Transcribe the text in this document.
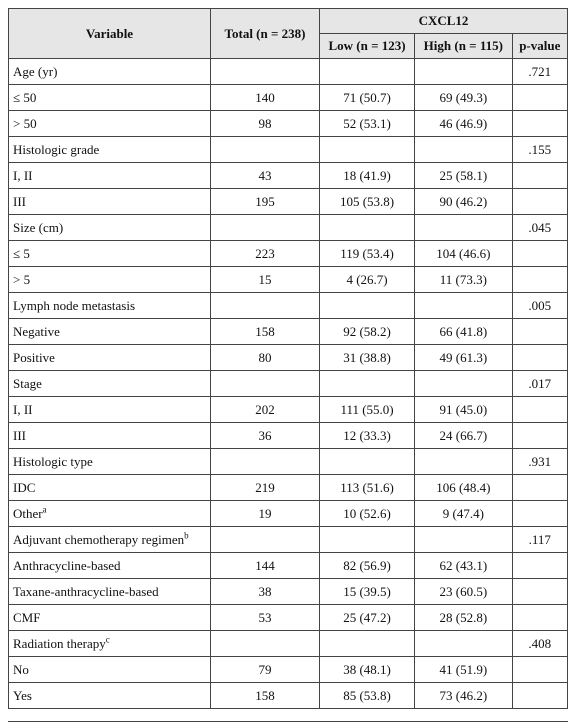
Variable	Total (n = 238)	CXCL12		
		Low (n = 123)	High (n = 115)	p-value
Age (yr)				.721
≤ 50	140	71 (50.7)	69 (49.3)	
> 50	98	52 (53.1)	46 (46.9)	
Histologic grade				.155
I, II	43	18 (41.9)	25 (58.1)	
III	195	105 (53.8)	90 (46.2)	
Size (cm)				.045
≤ 5	223	119 (53.4)	104 (46.6)	
> 5	15	4 (26.7)	11 (73.3)	
Lymph node metastasis				.005
Negative	158	92 (58.2)	66 (41.8)	
Positive	80	31 (38.8)	49 (61.3)	
Stage				.017
I, II	202	111 (55.0)	91 (45.0)	
III	36	12 (33.3)	24 (66.7)	
Histologic type				.931
IDC	219	113 (51.6)	106 (48.4)	
Other$^a$	19	10 (52.6)	9 (47.4)	
Adjuvant chemotherapy regimen$^b$				.117
Anthracycline-based	144	82 (56.9)	62 (43.1)	
Taxane-anthracycline-based	38	15 (39.5)	23 (60.5)	
CMF	53	25 (47.2)	28 (52.8)	
Radiation therapy$^c$				.408
No	79	38 (48.1)	41 (51.9)	
Yes	158	85 (53.8)	73 (46.2)	
